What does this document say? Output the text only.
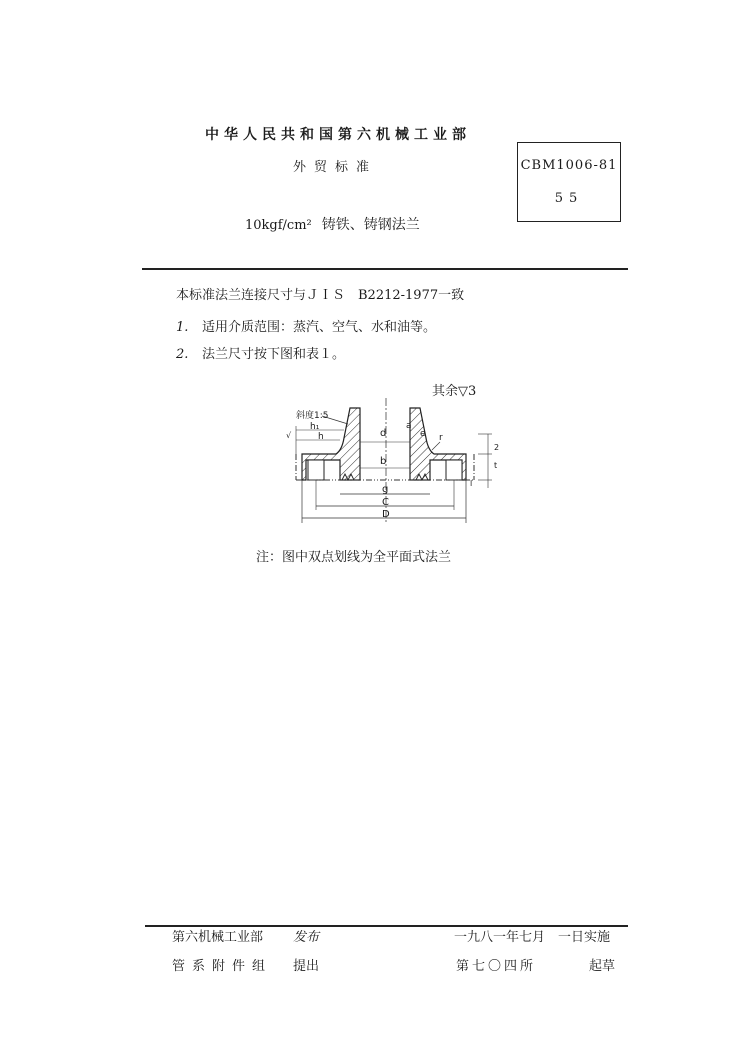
中华人民共和国第六机械工业部
外贸标准	CBM1006-81
55
10kgf/cm² 铸铁、铸钢法兰
本标准法兰连接尺寸与ＪＩＳ　B2212-1977一致
1. 适用介质范围：蒸汽、空气、水和油等。
2. 法兰尺寸按下图和表１。
其余▽3
斜度1:5
h₁
h	d
b
g
C
D
r
a
e
2
t
l
√
注：图中双点划线为全平面式法兰
第六机械工业部 发布	一九八一年七月　一日实施
管系附件组 提出	第七〇四所	起草
